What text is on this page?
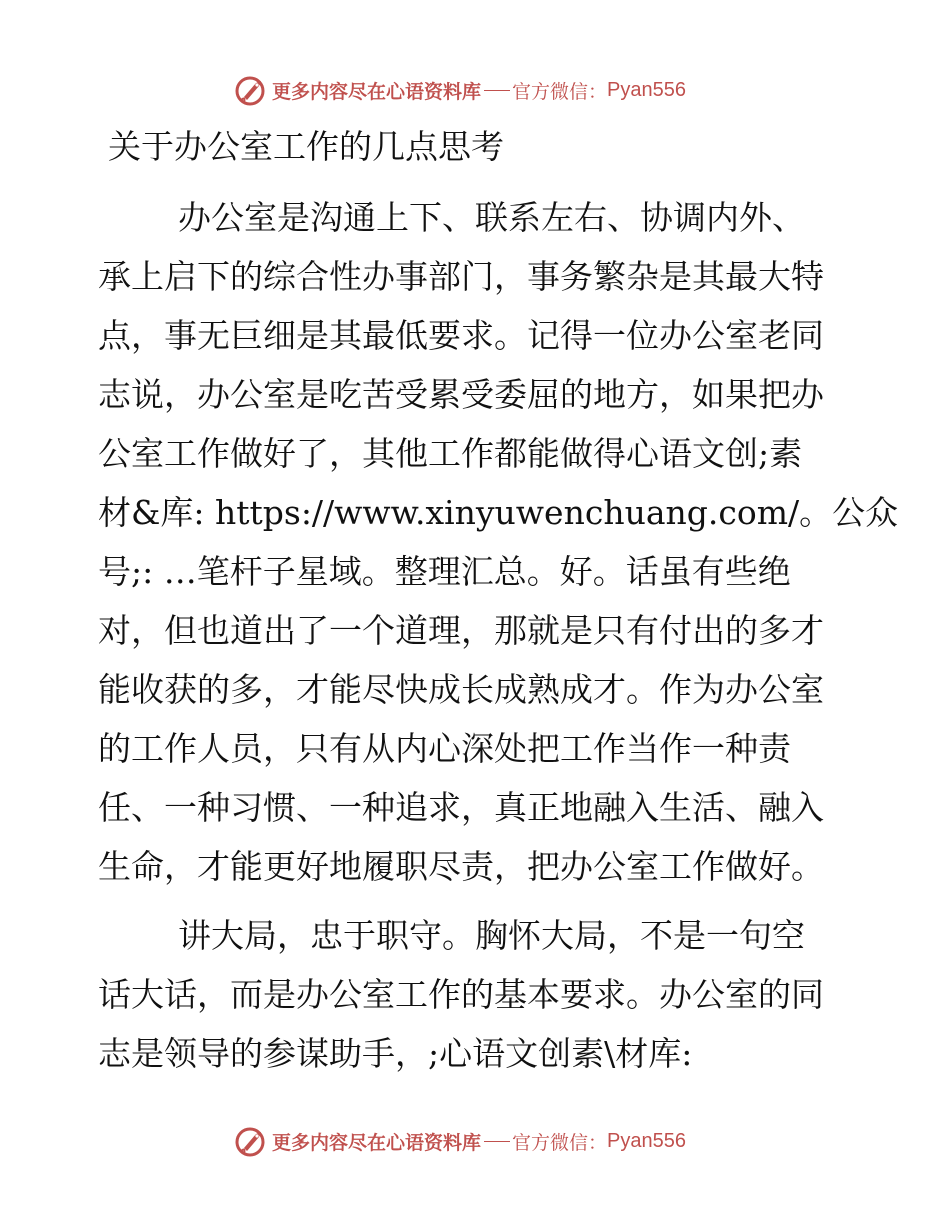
更多内容尽在心语资料库 官方微信： Pyan556
关于办公室工作的几点思考
办公室是沟通上下、联系左右、协调内外、
承上启下的综合性办事部门，事务繁杂是其最大特
点，事无巨细是其最低要求。记得一位办公室老同
志说，办公室是吃苦受累受委屈的地方，如果把办
公室工作做好了，其他工作都能做得心语文创;素
材&库: https://www.xinyuwenchuang.com/。公众
号;: …笔杆子星域。整理汇总。好。话虽有些绝
对，但也道出了一个道理，那就是只有付出的多才
能收获的多，才能尽快成长成熟成才。作为办公室
的工作人员，只有从内心深处把工作当作一种责
任、一种习惯、一种追求，真正地融入生活、融入
生命，才能更好地履职尽责，把办公室工作做好。
讲大局，忠于职守。胸怀大局，不是一句空
话大话，而是办公室工作的基本要求。办公室的同
志是领导的参谋助手，;心语文创素\材库:
更多内容尽在心语资料库 官方微信： Pyan556
